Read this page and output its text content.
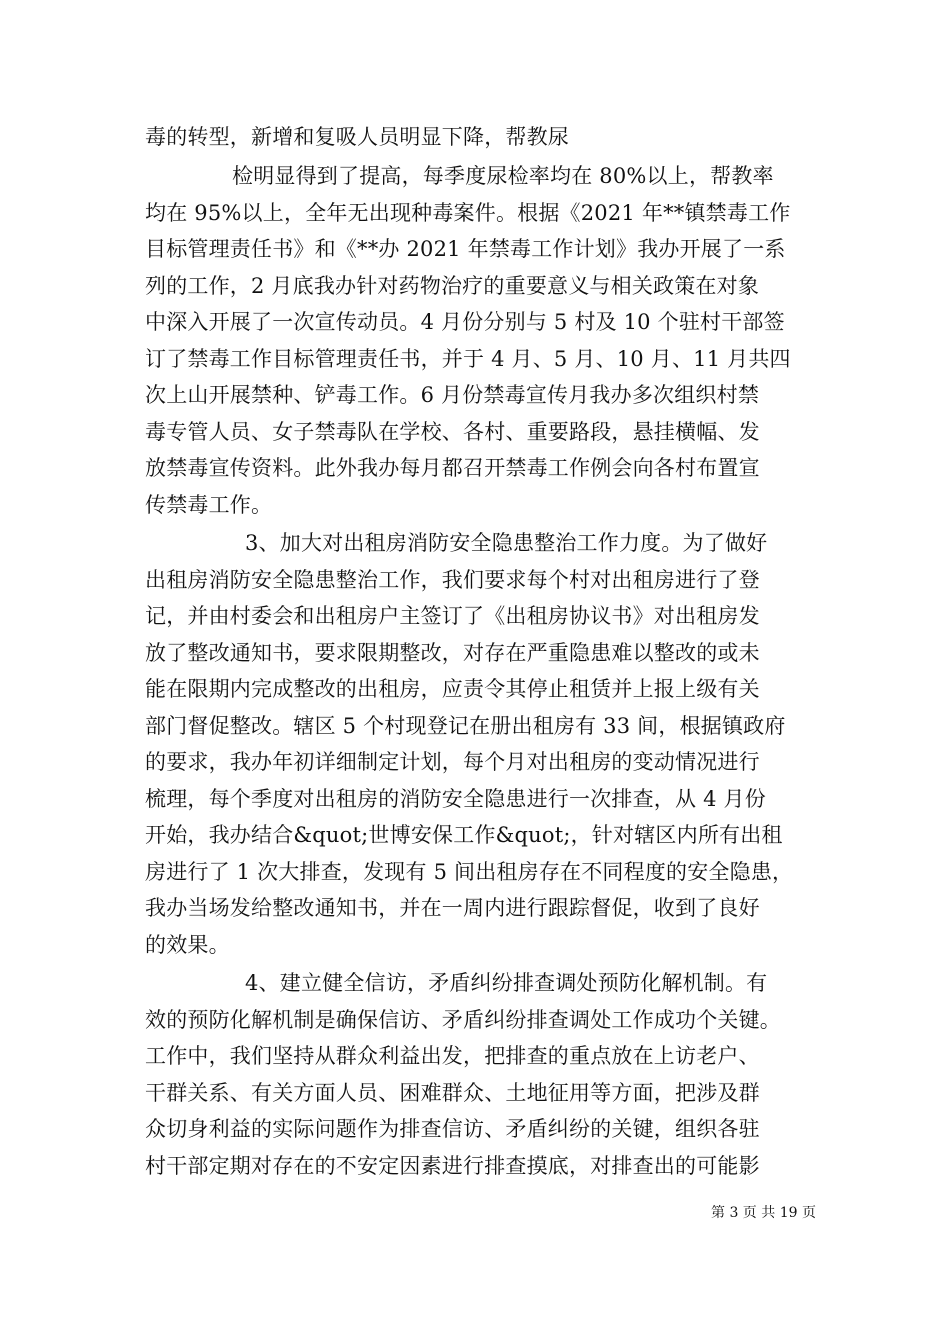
毒的转型，新增和复吸人员明显下降，帮教尿
检明显得到了提高，每季度尿检率均在 80%以上，帮教率
均在 95%以上，全年无出现种毒案件。根据《2021 年**镇禁毒工作
目标管理责任书》和《**办 2021 年禁毒工作计划》我办开展了一系
列的工作，2 月底我办针对药物治疗的重要意义与相关政策在对象
中深入开展了一次宣传动员。4 月份分别与 5 村及 10 个驻村干部签
订了禁毒工作目标管理责任书，并于 4 月、5 月、10 月、11 月共四
次上山开展禁种、铲毒工作。6 月份禁毒宣传月我办多次组织村禁
毒专管人员、女子禁毒队在学校、各村、重要路段，悬挂横幅、发
放禁毒宣传资料。此外我办每月都召开禁毒工作例会向各村布置宣
传禁毒工作。
3、加大对出租房消防安全隐患整治工作力度。为了做好
出租房消防安全隐患整治工作，我们要求每个村对出租房进行了登
记，并由村委会和出租房户主签订了《出租房协议书》对出租房发
放了整改通知书，要求限期整改，对存在严重隐患难以整改的或未
能在限期内完成整改的出租房，应责令其停止租赁并上报上级有关
部门督促整改。辖区 5 个村现登记在册出租房有 33 间，根据镇政府
的要求，我办年初详细制定计划，每个月对出租房的变动情况进行
梳理，每个季度对出租房的消防安全隐患进行一次排查，从 4 月份
开始，我办结合&quot;世博安保工作&quot;，针对辖区内所有出租
房进行了 1 次大排查，发现有 5 间出租房存在不同程度的安全隐患，
我办当场发给整改通知书，并在一周内进行跟踪督促，收到了良好
的效果。
4、建立健全信访，矛盾纠纷排查调处预防化解机制。有
效的预防化解机制是确保信访、矛盾纠纷排查调处工作成功个关键。
工作中，我们坚持从群众利益出发，把排查的重点放在上访老户、
干群关系、有关方面人员、困难群众、土地征用等方面，把涉及群
众切身利益的实际问题作为排查信访、矛盾纠纷的关键，组织各驻
村干部定期对存在的不安定因素进行排查摸底，对排查出的可能影
第 3 页 共 19 页
